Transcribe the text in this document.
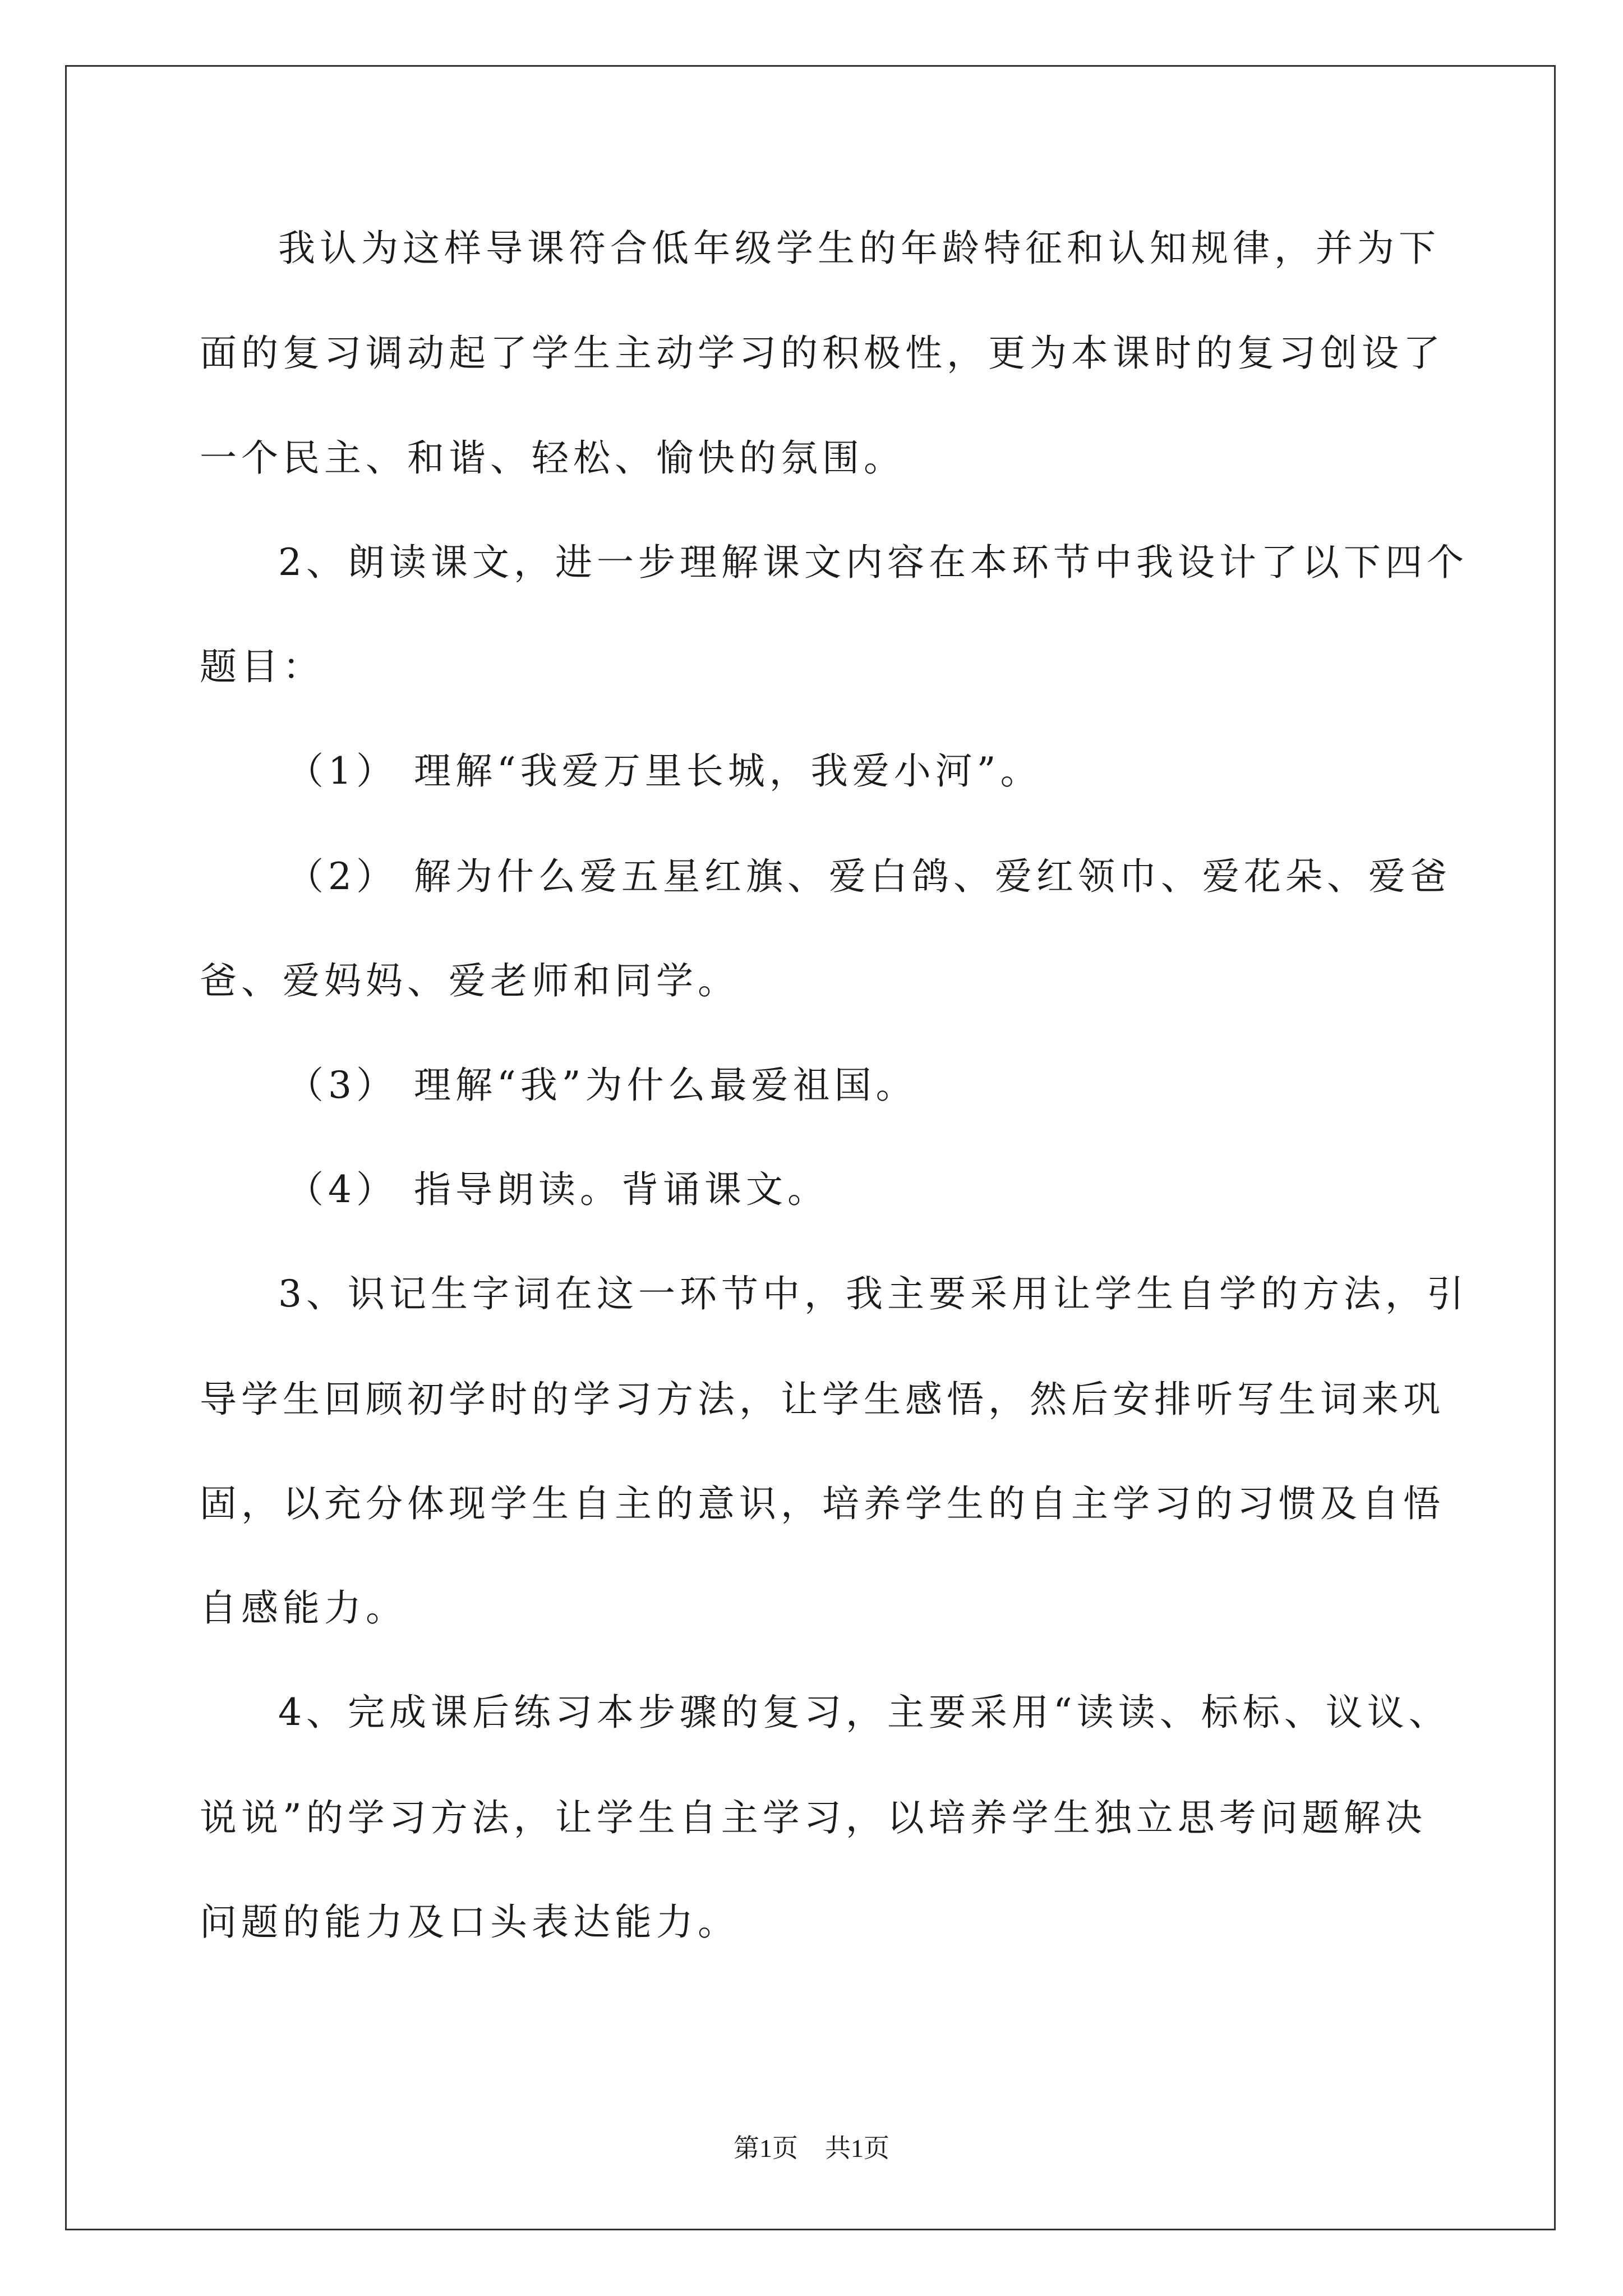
我认为这样导课符合低年级学生的年龄特征和认知规律，并为下
面的复习调动起了学生主动学习的积极性，更为本课时的复习创设了
一个民主、和谐、轻松、愉快的氛围。
2、朗读课文，进一步理解课文内容在本环节中我设计了以下四个
题目：
（1） 理解“我爱万里长城，我爱小河”。
（2） 解为什么爱五星红旗、爱白鸽、爱红领巾、爱花朵、爱爸
爸、爱妈妈、爱老师和同学。
（3） 理解“我”为什么最爱祖国。
（4） 指导朗读。背诵课文。
3、识记生字词在这一环节中，我主要采用让学生自学的方法，引
导学生回顾初学时的学习方法，让学生感悟，然后安排听写生词来巩
固，以充分体现学生自主的意识，培养学生的自主学习的习惯及自悟
自感能力。
4、完成课后练习本步骤的复习，主要采用“读读、标标、议议、
说说”的学习方法，让学生自主学习，以培养学生独立思考问题解决
问题的能力及口头表达能力。
第1页 共1页
